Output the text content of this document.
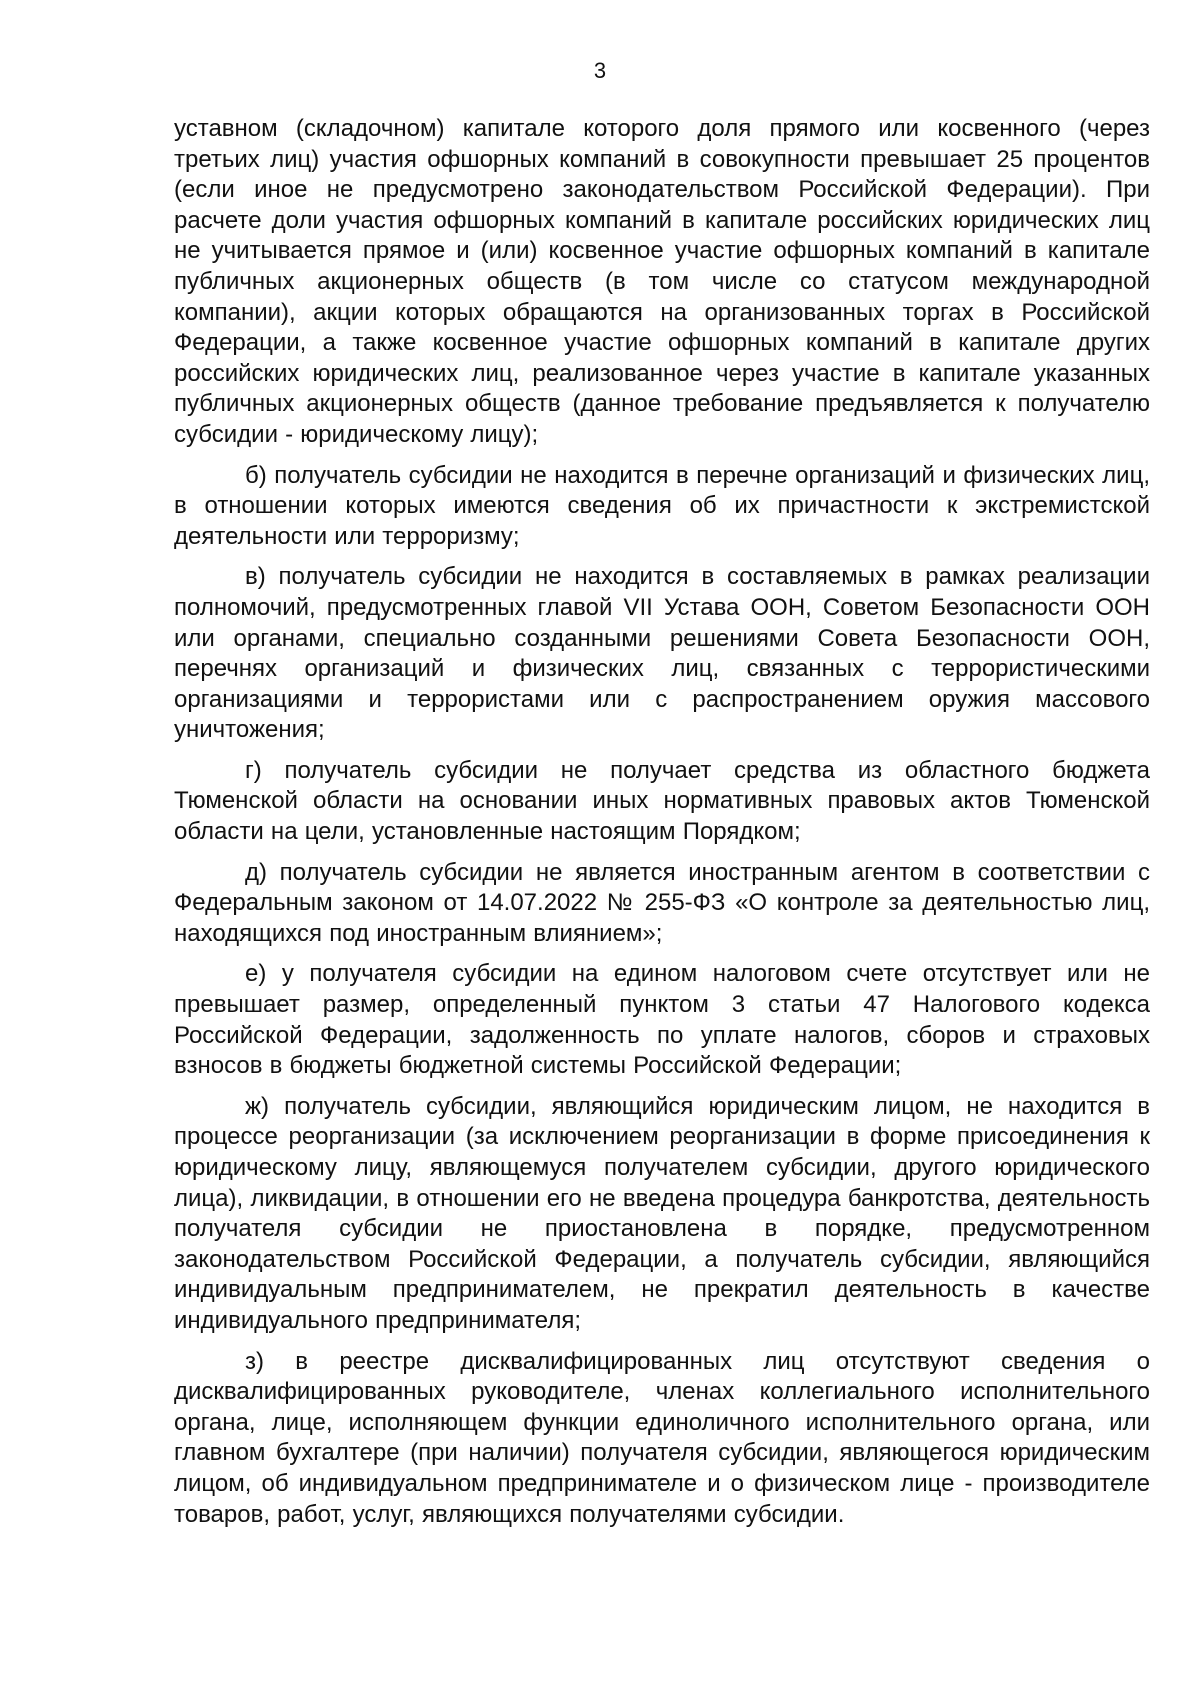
3

уставном (складочном) капитале которого доля прямого или косвенного (через третьих лиц) участия офшорных компаний в совокупности превышает 25 процентов (если иное не предусмотрено законодательством Российской Федерации). При расчете доли участия офшорных компаний в капитале российских юридических лиц не учитывается прямое и (или) косвенное участие офшорных компаний в капитале публичных акционерных обществ (в том числе со статусом международной компании), акции которых обращаются на организованных торгах в Российской Федерации, а также косвенное участие офшорных компаний в капитале других российских юридических лиц, реализованное через участие в капитале указанных публичных акционерных обществ (данное требование предъявляется к получателю субсидии - юридическому лицу);

б) получатель субсидии не находится в перечне организаций и физических лиц, в отношении которых имеются сведения об их причастности к экстремистской деятельности или терроризму;

в) получатель субсидии не находится в составляемых в рамках реализации полномочий, предусмотренных главой VII Устава ООН, Советом Безопасности ООН или органами, специально созданными решениями Совета Безопасности ООН, перечнях организаций и физических лиц, связанных с террористическими организациями и террористами или с распространением оружия массового уничтожения;

г) получатель субсидии не получает средства из областного бюджета Тюменской области на основании иных нормативных правовых актов Тюменской области на цели, установленные настоящим Порядком;

д) получатель субсидии не является иностранным агентом в соответствии с Федеральным законом от 14.07.2022 № 255-ФЗ «О контроле за деятельностью лиц, находящихся под иностранным влиянием»;

е) у получателя субсидии на едином налоговом счете отсутствует или не превышает размер, определенный пунктом 3 статьи 47 Налогового кодекса Российской Федерации, задолженность по уплате налогов, сборов и страховых взносов в бюджеты бюджетной системы Российской Федерации;

ж) получатель субсидии, являющийся юридическим лицом, не находится в процессе реорганизации (за исключением реорганизации в форме присоединения к юридическому лицу, являющемуся получателем субсидии, другого юридического лица), ликвидации, в отношении его не введена процедура банкротства, деятельность получателя субсидии не приостановлена в порядке, предусмотренном законодательством Российской Федерации, а получатель субсидии, являющийся индивидуальным предпринимателем, не прекратил деятельность в качестве индивидуального предпринимателя;

з) в реестре дисквалифицированных лиц отсутствуют сведения о дисквалифицированных руководителе, членах коллегиального исполнительного органа, лице, исполняющем функции единоличного исполнительного органа, или главном бухгалтере (при наличии) получателя субсидии, являющегося юридическим лицом, об индивидуальном предпринимателе и о физическом лице - производителе товаров, работ, услуг, являющихся получателями субсидии.
